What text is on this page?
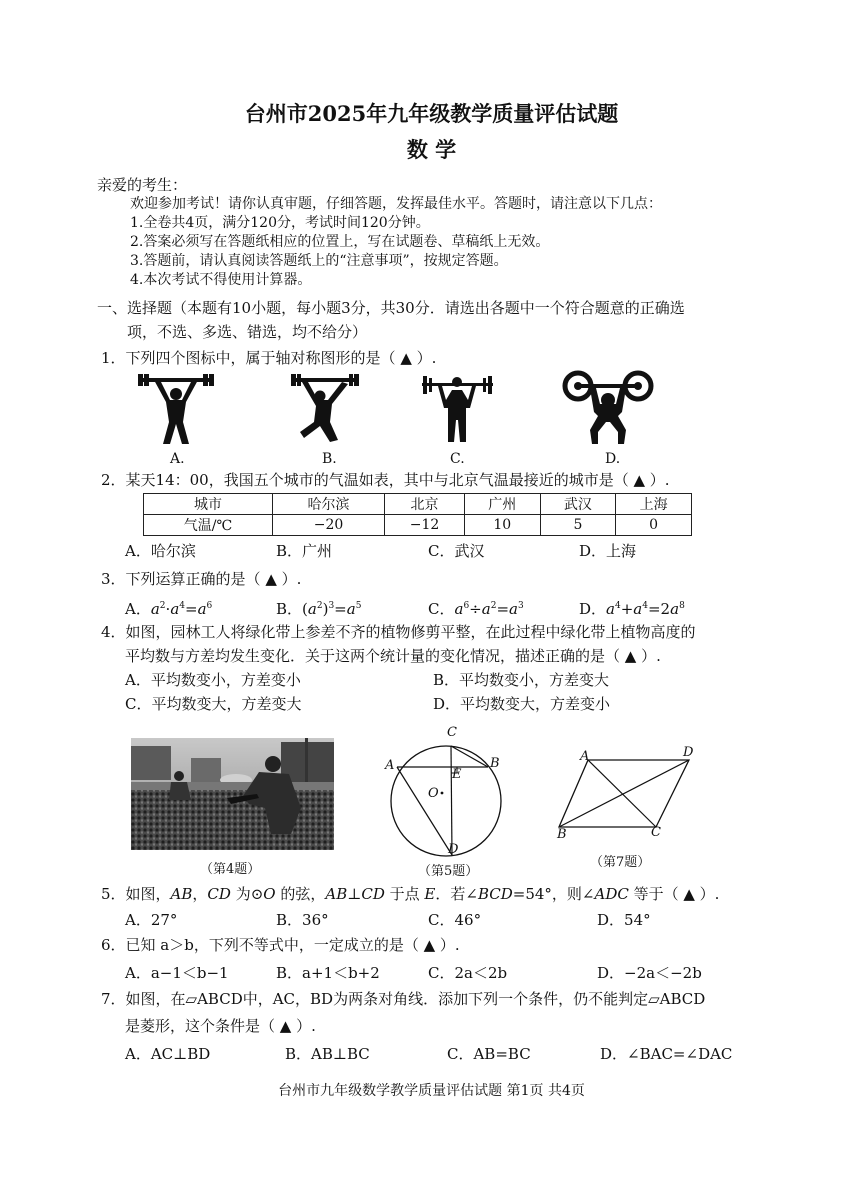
台州市2025年九年级教学质量评估试题
数 学
亲爱的考生：
欢迎参加考试！请你认真审题，仔细答题，发挥最佳水平。答题时，请注意以下几点：
1.全卷共4页，满分120分，考试时间120分钟。
2.答案必须写在答题纸相应的位置上，写在试题卷、草稿纸上无效。
3.答题前，请认真阅读答题纸上的“注意事项”，按规定答题。
4.本次考试不得使用计算器。
一、选择题（本题有10小题，每小题3分，共30分．请选出各题中一个符合题意的正确选
项，不选、多选、错选，均不给分）
1．下列四个图标中，属于轴对称图形的是（ ▲ ）.
A.	B.	C.	D.
2．某天14：00，我国五个城市的气温如表，其中与北京气温最接近的城市是（ ▲ ）.
城市	哈尔滨	北京	广州	武汉	上海
气温/℃	−20	−12	10	5	0
A．哈尔滨	B．广州	C．武汉	D．上海
3．下列运算正确的是（ ▲ ）.
A．$a^2\cdot a^4=a^6$	B．$(a^2)^3=a^5$	C．$a^6\div a^2=a^3$	D．$a^4+a^4=2a^8$
4．如图，园林工人将绿化带上参差不齐的植物修剪平整，在此过程中绿化带上植物高度的
平均数与方差均发生变化．关于这两个统计量的变化情况，描述正确的是（ ▲ ）.
A．平均数变小，方差变小	B．平均数变小，方差变大
C．平均数变大，方差变大	D．平均数变大，方差变小
C
A	B
E
O
D
A	D
B	C
（第4题）	（第5题）
（第7题）
5．如图，AB，CD 为⊙O 的弦，AB⊥CD 于点 E．若∠BCD=54°，则∠ADC 等于（ ▲ ）.
A．27°	B．36°	C．46°	D．54°
6．已知 a＞b，下列不等式中，一定成立的是（ ▲ ）.
A．a−1＜b−1	B．a+1＜b+2	C．2a＜2b	D．−2a＜−2b
7．如图，在▱ABCD中，AC，BD为两条对角线．添加下列一个条件，仍不能判定▱ABCD
是菱形，这个条件是（ ▲ ）.
A．AC⊥BD	B．AB⊥BC	C．AB=BC	D．∠BAC=∠DAC
台州市九年级数学教学质量评估试题 第1页 共4页
